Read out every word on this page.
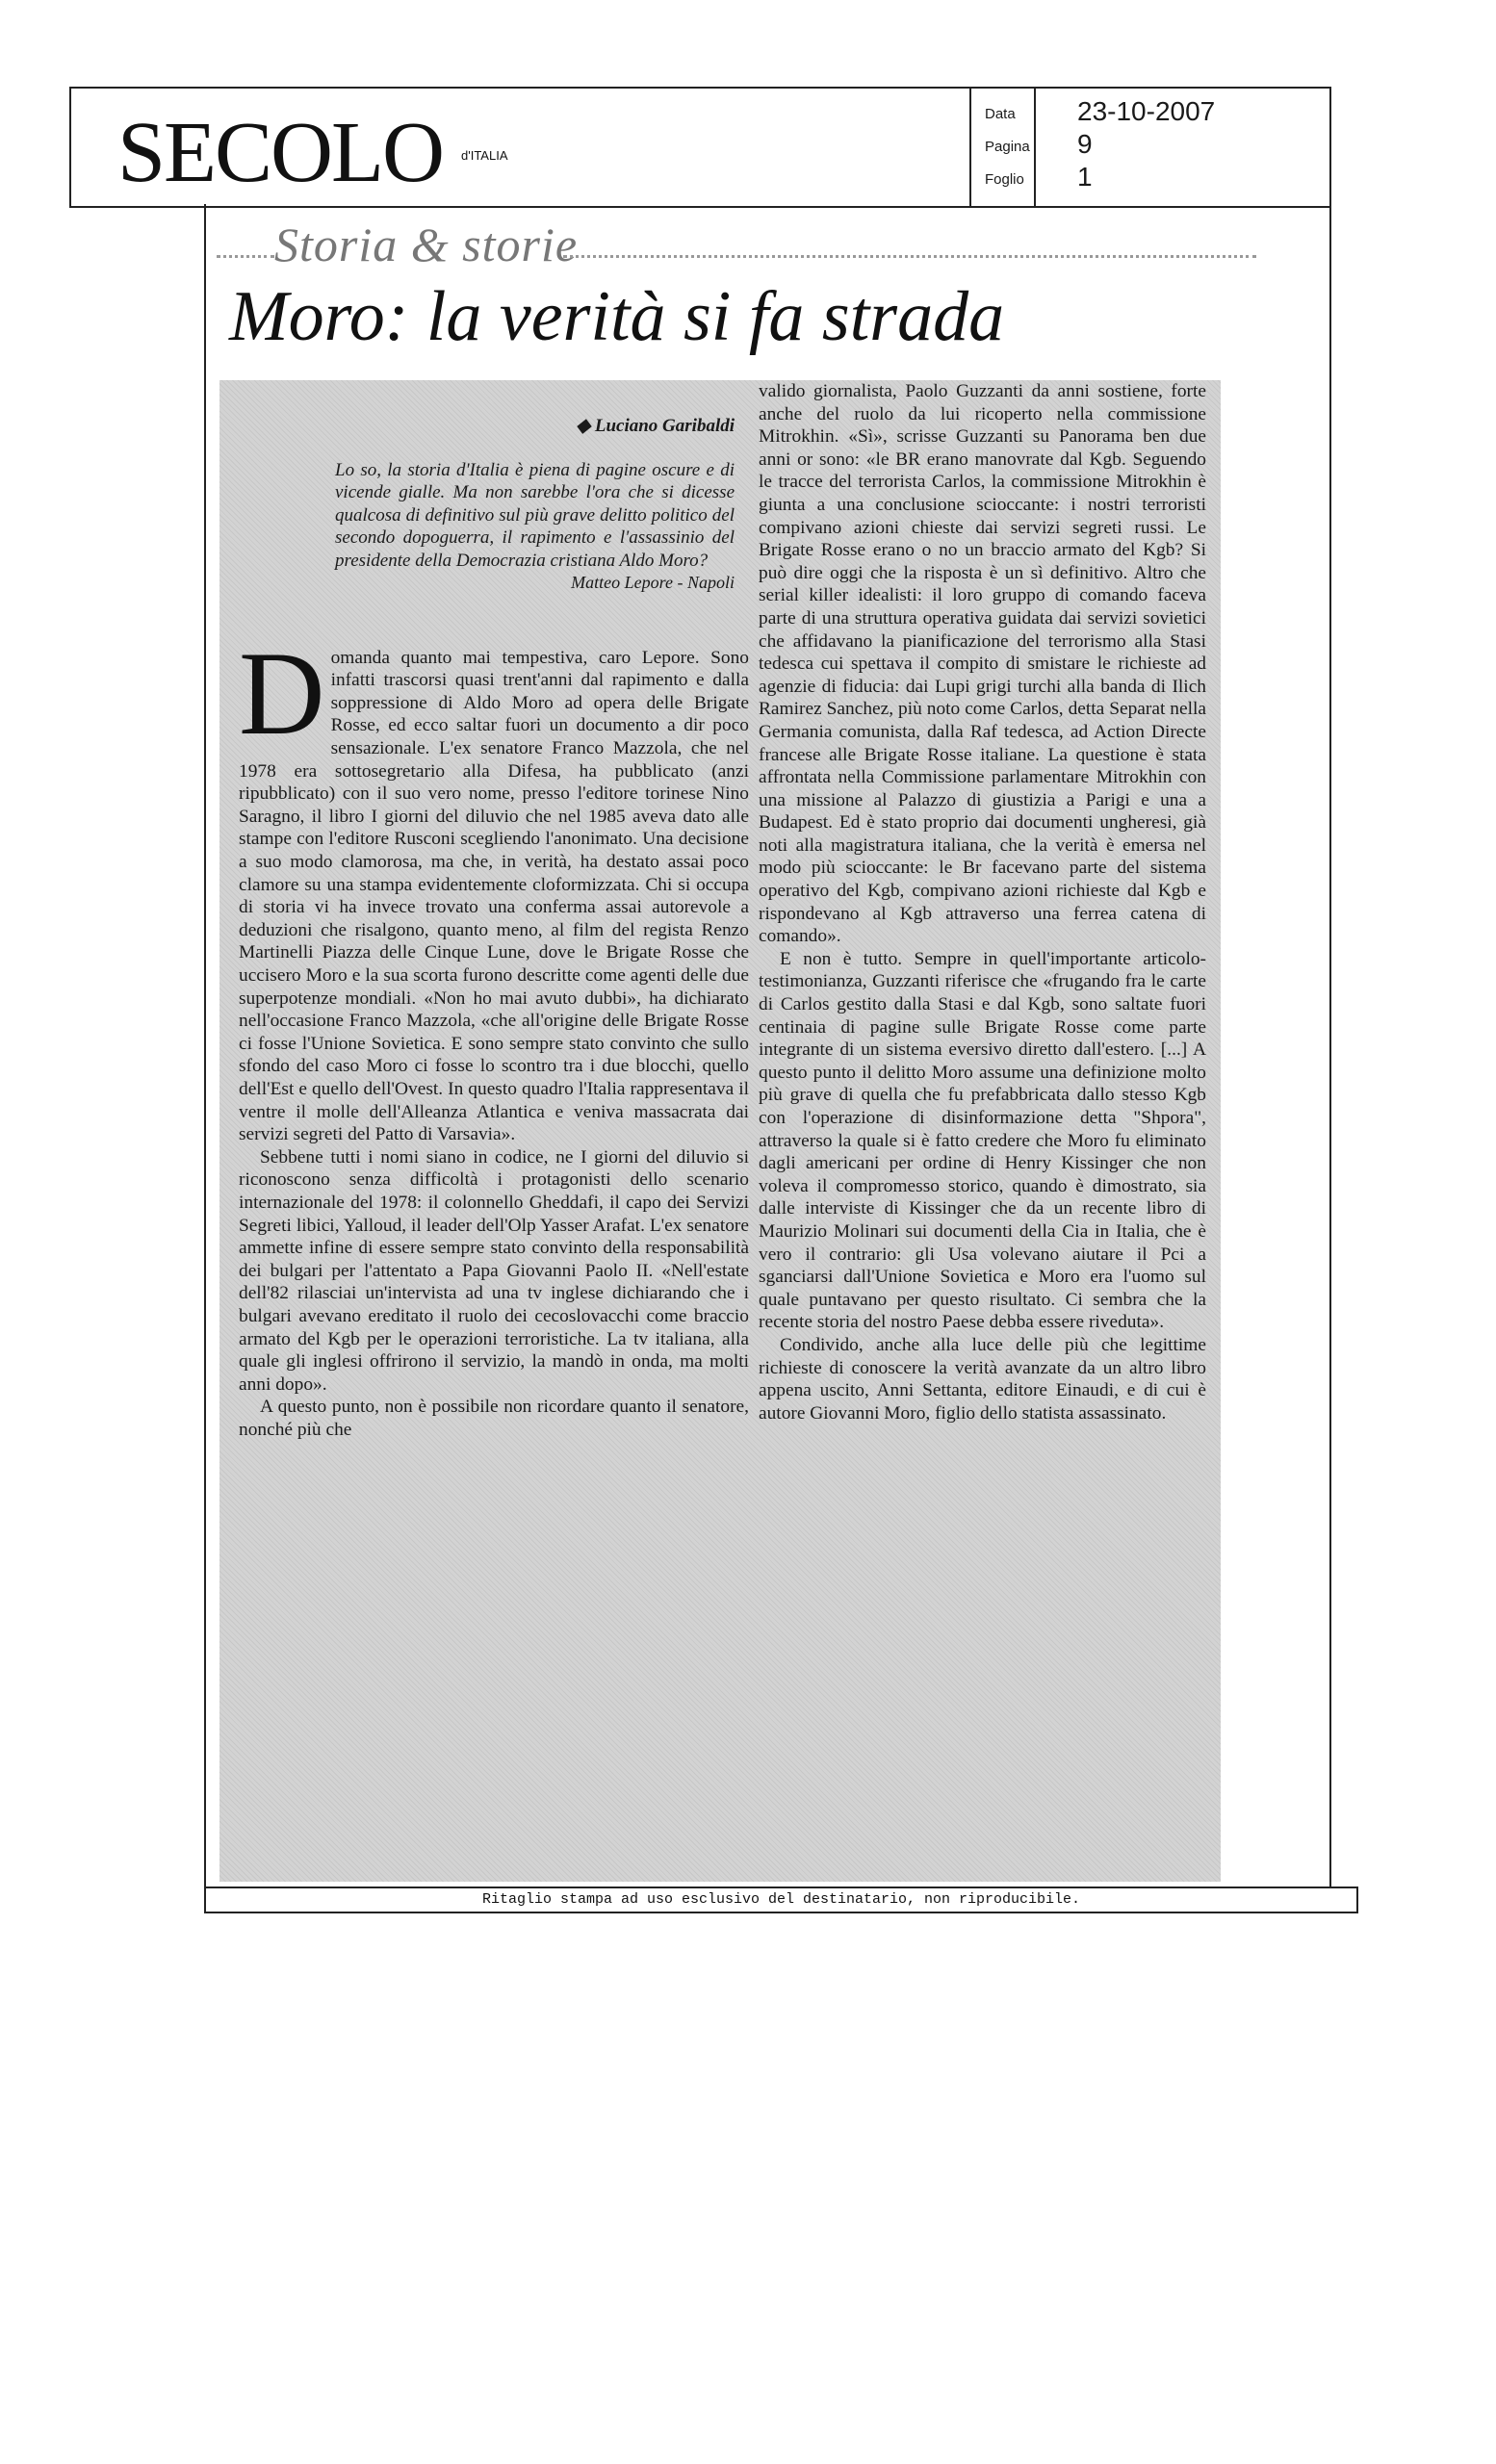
SECOLO d'ITALIA
Data 23-10-2007
Pagina 9
Foglio 1
Storia & storie
Moro: la verità si fa strada
◆ Luciano Garibaldi
Lo so, la storia d'Italia è piena di pagine oscure e di vicende gialle. Ma non sarebbe l'ora che si dicesse qualcosa di definitivo sul più grave delitto politico del secondo dopoguerra, il rapimento e l'assassinio del presidente della Democrazia cristiana Aldo Moro?
Matteo Lepore - Napoli
D omanda quanto mai tempestiva, caro Lepore. Sono infatti trascorsi quasi trent'anni dal rapimento e dalla soppressione di Aldo Moro ad opera delle Brigate Rosse, ed ecco saltar fuori un documento a dir poco sensazionale. L'ex senatore Franco Mazzola, che nel 1978 era sottosegretario alla Difesa, ha pubblicato (anzi ripubblicato) con il suo vero nome, presso l'editore torinese Nino Saragno, il libro I giorni del diluvio che nel 1985 aveva dato alle stampe con l'editore Rusconi scegliendo l'anonimato. Una decisione a suo modo clamorosa, ma che, in verità, ha destato assai poco clamore su una stampa evidentemente cloformizzata. Chi si occupa di storia vi ha invece trovato una conferma assai autorevole a deduzioni che risalgono, quanto meno, al film del regista Renzo Martinelli Piazza delle Cinque Lune, dove le Brigate Rosse che uccisero Moro e la sua scorta furono descritte come agenti delle due superpotenze mondiali. «Non ho mai avuto dubbi», ha dichiarato nell'occasione Franco Mazzola, «che all'origine delle Brigate Rosse ci fosse l'Unione Sovietica. E sono sempre stato convinto che sullo sfondo del caso Moro ci fosse lo scontro tra i due blocchi, quello dell'Est e quello dell'Ovest. In questo quadro l'Italia rappresentava il ventre il molle dell'Alleanza Atlantica e veniva massacrata dai servizi segreti del Patto di Varsavia».

Sebbene tutti i nomi siano in codice, ne I giorni del diluvio si riconoscono senza difficoltà i protagonisti dello scenario internazionale del 1978: il colonnello Gheddafi, il capo dei Servizi Segreti libici, Yalloud, il leader dell'Olp Yasser Arafat. L'ex senatore ammette infine di essere sempre stato convinto della responsabilità dei bulgari per l'attentato a Papa Giovanni Paolo II. «Nell'estate dell'82 rilasciai un'intervista ad una tv inglese dichiarando che i bulgari avevano ereditato il ruolo dei cecoslovacchi come braccio armato del Kgb per le operazioni terroristiche. La tv italiana, alla quale gli inglesi offrirono il servizio, la mandò in onda, ma molti anni dopo».

A questo punto, non è possibile non ricordare quanto il senatore, nonché più che

valido giornalista, Paolo Guzzanti da anni sostiene, forte anche del ruolo da lui ricoperto nella commissione Mitrokhin. «Sì», scrisse Guzzanti su Panorama ben due anni or sono: «le BR erano manovrate dal Kgb. Seguendo le tracce del terrorista Carlos, la commissione Mitrokhin è giunta a una conclusione scioccante: i nostri terroristi compivano azioni chieste dai servizi segreti russi. Le Brigate Rosse erano o no un braccio armato del Kgb? Si può dire oggi che la risposta è un sì definitivo. Altro che serial killer idealisti: il loro gruppo di comando faceva parte di una struttura operativa guidata dai servizi sovietici che affidavano la pianificazione del terrorismo alla Stasi tedesca cui spettava il compito di smistare le richieste ad agenzie di fiducia: dai Lupi grigi turchi alla banda di Ilich Ramirez Sanchez, più noto come Carlos, detta Separat nella Germania comunista, dalla Raf tedesca, ad Action Directe francese alle Brigate Rosse italiane. La questione è stata affrontata nella Commissione parlamentare Mitrokhin con una missione al Palazzo di giustizia a Parigi e una a Budapest. Ed è stato proprio dai documenti ungheresi, già noti alla magistratura italiana, che la verità è emersa nel modo più scioccante: le Br facevano parte del sistema operativo del Kgb, compivano azioni richieste dal Kgb e rispondevano al Kgb attraverso una ferrea catena di comando».

E non è tutto. Sempre in quell'importante articolo-testimonianza, Guzzanti riferisce che «frugando fra le carte di Carlos gestito dalla Stasi e dal Kgb, sono saltate fuori centinaia di pagine sulle Brigate Rosse come parte integrante di un sistema eversivo diretto dall'estero. [...] A questo punto il delitto Moro assume una definizione molto più grave di quella che fu prefabbricata dallo stesso Kgb con l'operazione di disinformazione detta "Shpora", attraverso la quale si è fatto credere che Moro fu eliminato dagli americani per ordine di Henry Kissinger che non voleva il compromesso storico, quando è dimostrato, sia dalle interviste di Kissinger che da un recente libro di Maurizio Molinari sui documenti della Cia in Italia, che è vero il contrario: gli Usa volevano aiutare il Pci a sganciarsi dall'Unione Sovietica e Moro era l'uomo sul quale puntavano per questo risultato. Ci sembra che la recente storia del nostro Paese debba essere riveduta».

Condivido, anche alla luce delle più che legittime richieste di conoscere la verità avanzate da un altro libro appena uscito, Anni Settanta, editore Einaudi, e di cui è autore Giovanni Moro, figlio dello statista assassinato.

Ritaglio stampa ad uso esclusivo del destinatario, non riproducibile.
